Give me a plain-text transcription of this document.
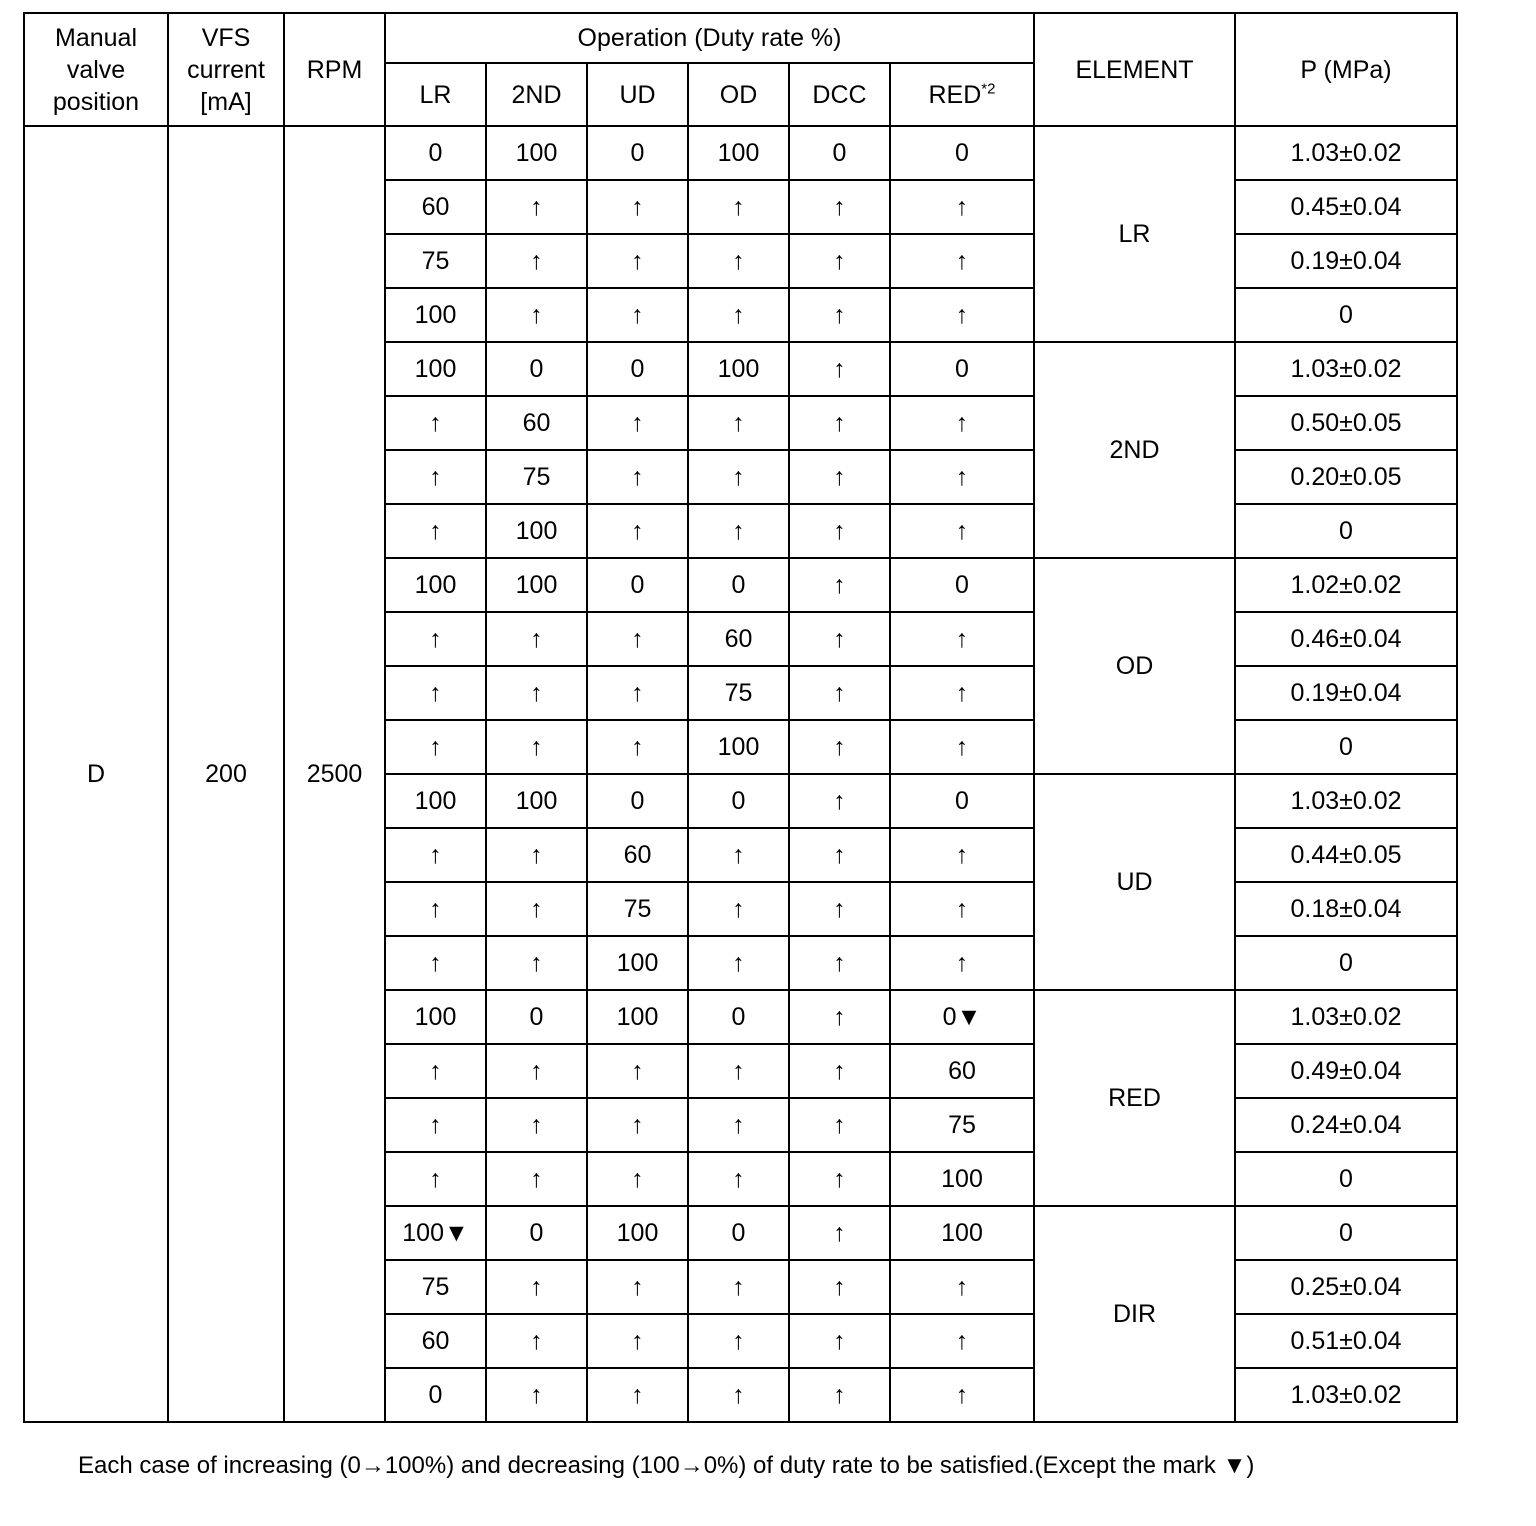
Manual valve position	VFS current [mA]	RPM	Operation (Duty rate %)						ELEMENT	P (MPa)
			LR	2ND	UD	OD	DCC	RED$^{*2}$
D	200	2500	0	100	0	100	0	0	LR	1.03±0.02
			60	↑	↑	↑	↑	↑		0.45±0.04
			75	↑	↑	↑	↑	↑		0.19±0.04
			100	↑	↑	↑	↑	↑		0
			100	0	0	100	↑	0	2ND	1.03±0.02
			↑	60	↑	↑	↑	↑		0.50±0.05
			↑	75	↑	↑	↑	↑		0.20±0.05
			↑	100	↑	↑	↑	↑		0
			100	100	0	0	↑	0	OD	1.02±0.02
			↑	↑	↑	60	↑	↑		0.46±0.04
			↑	↑	↑	75	↑	↑		0.19±0.04
			↑	↑	↑	100	↑	↑		0
			100	100	0	0	↑	0	UD	1.03±0.02
			↑	↑	60	↑	↑	↑		0.44±0.05
			↑	↑	75	↑	↑	↑		0.18±0.04
			↑	↑	100	↑	↑	↑		0
			100	0	100	0	↑	0▼	RED	1.03±0.02
			↑	↑	↑	↑	↑	60		0.49±0.04
			↑	↑	↑	↑	↑	75		0.24±0.04
			↑	↑	↑	↑	↑	100		0
			100▼	0	100	0	↑	100	DIR	0
			75	↑	↑	↑	↑	↑		0.25±0.04
			60	↑	↑	↑	↑	↑		0.51±0.04
			0	↑	↑	↑	↑	↑		1.03±0.02
Each case of increasing (0→100%) and decreasing (100→0%) of duty rate to be satisfied.(Except the mark ▼)
